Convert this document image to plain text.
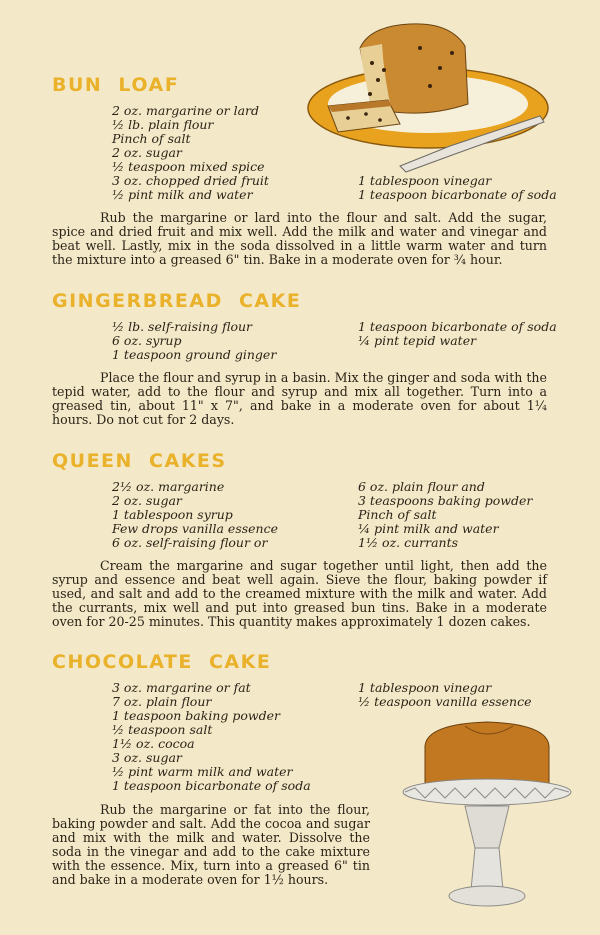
BUN LOAF
2 oz. margarine or lard
½ lb. plain flour
Pinch of salt
2 oz. sugar
½ teaspoon mixed spice
3 oz. chopped dried fruit
½ pint milk and water
1 tablespoon vinegar
1 teaspoon bicarbonate of soda

Rub the margarine or lard into the flour and salt. Add the sugar, spice and dried fruit and mix well. Add the milk and water and vinegar and beat well. Lastly, mix in the soda dissolved in a little warm water and turn the mixture into a greased 6" tin. Bake in a moderate oven for ¾ hour.

GINGERBREAD CAKE
½ lb. self-raising flour
6 oz. syrup
1 teaspoon ground ginger
1 teaspoon bicarbonate of soda
¼ pint tepid water

Place the flour and syrup in a basin. Mix the ginger and soda with the tepid water, add to the flour and syrup and mix all together. Turn into a greased tin, about 11" x 7", and bake in a moderate oven for about 1¼ hours. Do not cut for 2 days.

QUEEN CAKES
2½ oz. margarine
2 oz. sugar
1 tablespoon syrup
Few drops vanilla essence
6 oz. self-raising flour or
6 oz. plain flour and
3 teaspoons baking powder
Pinch of salt
¼ pint milk and water
1½ oz. currants

Cream the margarine and sugar together until light, then add the syrup and essence and beat well again. Sieve the flour, baking powder if used, and salt and add to the creamed mixture with the milk and water. Add the currants, mix well and put into greased bun tins. Bake in a moderate oven for 20-25 minutes. This quantity makes approximately 1 dozen cakes.

CHOCOLATE CAKE
3 oz. margarine or fat
7 oz. plain flour
1 teaspoon baking powder
½ teaspoon salt
1½ oz. cocoa
3 oz. sugar
½ pint warm milk and water
1 teaspoon bicarbonate of soda
1 tablespoon vinegar
½ teaspoon vanilla essence

Rub the margarine or fat into the flour, baking powder and salt. Add the cocoa and sugar and mix with the milk and water. Dissolve the soda in the vinegar and add to the cake mixture with the essence. Mix, turn into a greased 6" tin and bake in a moderate oven for 1½ hours.
